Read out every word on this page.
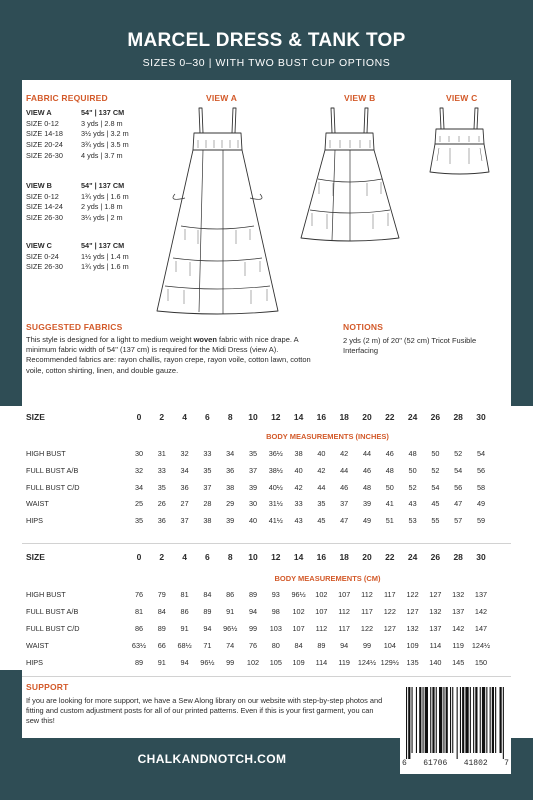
MARCEL DRESS & TANK TOP
SIZES 0–30 | WITH TWO BUST CUP OPTIONS
FABRIC REQUIRED
VIEW A	54" | 137 CM
SIZE 0-12	3 yds | 2.8 m
SIZE 14-18	3½ yds | 3.2 m
SIZE 20-24	3¾ yds | 3.5 m
SIZE 26-30	4 yds | 3.7 m
VIEW B	54" | 137 CM
SIZE 0-12	1¾ yds | 1.6 m
SIZE 14-24	2 yds | 1.8 m
SIZE 26-30	3¼ yds | 2 m
VIEW C	54" | 137 CM
SIZE 0-24	1½ yds | 1.4 m
SIZE 26-30	1¾ yds | 1.6 m
VIEW A	VIEW B	VIEW C
SUGGESTED FABRICS
This style is designed for a light to medium weight woven fabric with nice drape. A minimum fabric width of 54" (137 cm) is required for the Midi Dress (view A). Recommended fabrics are: rayon challis, rayon crepe, rayon voile, cotton lawn, cotton voile, cotton shirting, linen, and double gauze.
NOTIONS
2 yds (2 m) of 20" (52 cm) Tricot Fusible Interfacing
SIZE	0	2	4	6	8	10	12	14	16	18	20	22	24	26	28	30
BODY MEASUREMENTS (INCHES)
HIGH BUST	30	31	32	33	34	35	36½	38	40	42	44	46	48	50	52	54
FULL BUST A/B	32	33	34	35	36	37	38½	40	42	44	46	48	50	52	54	56
FULL BUST C/D	34	35	36	37	38	39	40½	42	44	46	48	50	52	54	56	58
WAIST	25	26	27	28	29	30	31½	33	35	37	39	41	43	45	47	49
HIPS	35	36	37	38	39	40	41½	43	45	47	49	51	53	55	57	59
SIZE	0	2	4	6	8	10	12	14	16	18	20	22	24	26	28	30
BODY MEASUREMENTS (CM)
HIGH BUST	76	79	81	84	86	89	93	96½	102	107	112	117	122	127	132	137
FULL BUST A/B	81	84	86	89	91	94	98	102	107	112	117	122	127	132	137	142
FULL BUST C/D	86	89	91	94	96½	99	103	107	112	117	122	127	132	137	142	147
WAIST	63½	66	68½	71	74	76	80	84	89	94	99	104	109	114	119	124½
HIPS	89	91	94	96½	99	102	105	109	114	119	124½ 129½	135	140	145	150
SUPPORT
If you are looking for more support, we have a Sew Along library on our website with step-by-step photos and fitting and custom adjustment posts for all of our printed patterns. Even if this is your first garment, you can sew this!
CHALKANDNOTCH.COM	6 61706 41802 7
